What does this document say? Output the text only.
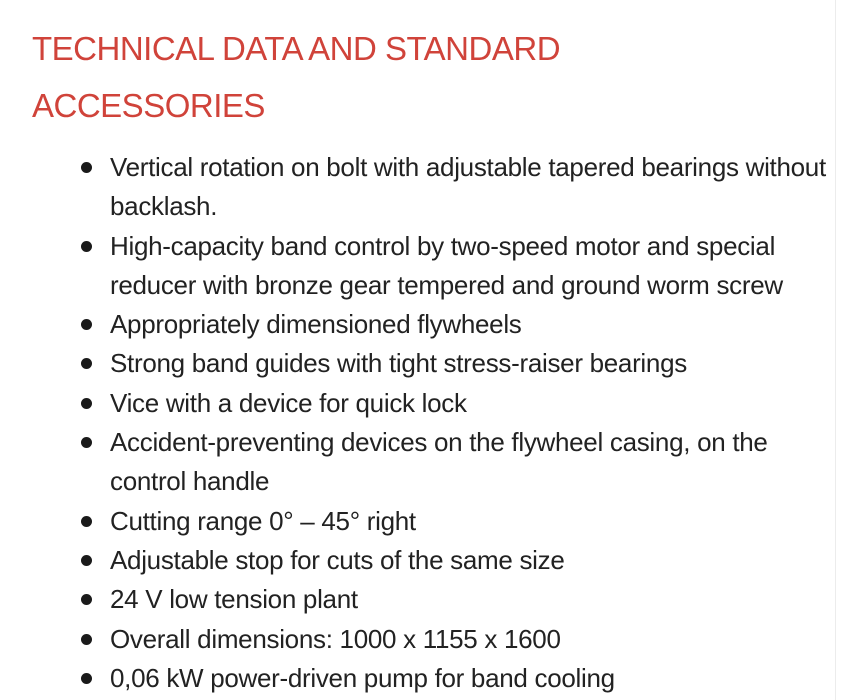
TECHNICAL DATA AND STANDARD ACCESSORIES
Vertical rotation on bolt with adjustable tapered bearings without backlash.
High-capacity band control by two-speed motor and special reducer with bronze gear tempered and ground worm screw
Appropriately dimensioned flywheels
Strong band guides with tight stress-raiser bearings
Vice with a device for quick lock
Accident-preventing devices on the flywheel casing, on the control handle
Cutting range 0° – 45° right
Adjustable stop for cuts of the same size
24 V low tension plant
Overall dimensions: 1000 x 1155 x 1600
0,06 kW power-driven pump for band cooling
